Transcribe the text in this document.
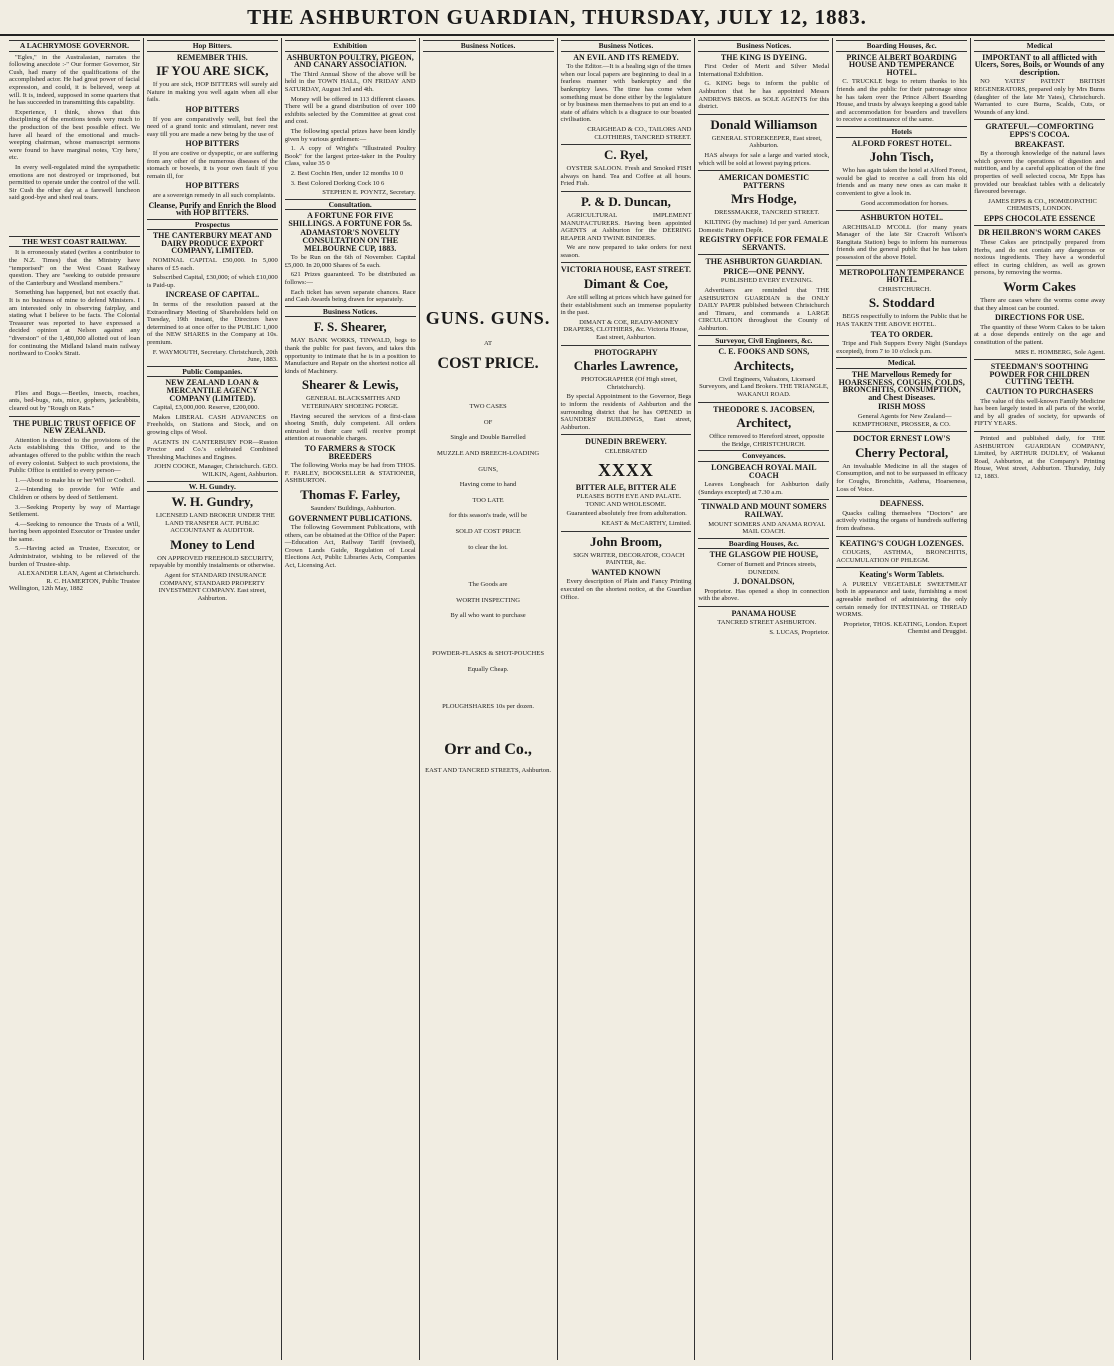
THE ASHBURTON GUARDIAN, THURSDAY, JULY 12, 1883.
A LACHRYMOSE GOVERNOR.

"Egles," in the Australasian, narrates the following anecdote :-" Our former Governor, Sir Cush, had many of the qualifications of the accomplished actor. He had great power of facial expression, and could, it is believed, weep at will. It is, indeed, supposed in some quarters that he has succeeded in transmitting this capability.

Experience, I think, shows that this disciplining of the emotions tends very much to the production of the best possible effect. We have all heard of the emotional and much-weeping chairman, whose manuscript sermons were found to have marginal notes, 'Cry here,' etc.

In every well-regulated mind the sympathetic emotions are not destroyed or imprisoned, but permitted to operate under the control of the will. Sir Cush the other day at a farewell luncheon said good-bye and shed real tears.

THE WEST COAST RAILWAY.

It is erroneously stated (writes a contributor to the N.Z. Times) that the Ministry have "temporised" on the West Coast Railway question. They are "seeking to outside pressure of the Canterbury and Westland members."

Something has happened, but not exactly that. It is no business of mine to defend Ministers. I am interested only in observing fairplay, and stating what I believe to be facts. The Colonial Treasurer was reported to have expressed a decided opinion at Nelson against any "diversion" of the 1,480,000 allotted out of loan for continuing the Midland Island main railway northward to Cook's Strait.

Flies and Bugs.—Beetles, insects, roaches, ants, bed-bugs, rats, mice, gophers, jackrabbits, cleared out by "Rough on Rats."

THE PUBLIC TRUST OFFICE OF NEW ZEALAND.

Attention is directed to the provisions of the Acts establishing this Office, and to the advantages offered to the public within the reach of every colonist. Subject to such provisions, the Public Office is entitled to every person—

1.—About to make his or her Will or Codicil.

2.—Intending to provide for Wife and Children or others by deed of Settlement.

3.—Seeking Property by way of Marriage Settlement.

4.—Seeking to renounce the Trusts of a Will, having been appointed Executor or Trustee under the same.

5.—Having acted as Trustee, Executor, or Administrator, wishing to be relieved of the burden of Trustee-ship.

ALEXANDER LEAN, Agent at Christchurch.
R. C. HAMERTON, Public Trustee
Wellington, 12th May, 1882
Hop Bitters.
REMEMBER THIS.
IF YOU ARE SICK,

If you are sick, HOP BITTERS will surely aid Nature in making you well again when all else fails.

HOP BITTERS

If you are comparatively well, but feel the need of a grand tonic and stimulant, never rest easy till you are made a new being by the use of

HOP BITTERS

If you are costive or dyspeptic, or are suffering from any other of the numerous diseases of the stomach or bowels, it is your own fault if you remain ill, for

HOP BITTERS

are a sovereign remedy in all such complaints.

Cleanse, Purify and Enrich the Blood with HOP BITTERS.
Prospectus
THE CANTERBURY MEAT AND DAIRY PRODUCE EXPORT COMPANY, LIMITED.

NOMINAL CAPITAL £50,000. In 5,000 shares of £5 each.

Subscribed Capital, £30,000; of which £10,000 is Paid-up.

INCREASE OF CAPITAL.

In terms of the resolution passed at the Extraordinary Meeting of Shareholders held on Tuesday, 19th instant, the Directors have determined to at once offer to the PUBLIC 1,000 of the NEW SHARES in the Company at 10s. premium.

F. WAYMOUTH, Secretary. Christchurch, 20th June, 1883.
Public Companies.
NEW ZEALAND LOAN & MERCANTILE AGENCY COMPANY (LIMITED).

Capital, £3,000,000. Reserve, £200,000.

Makes LIBERAL CASH ADVANCES on Freeholds, on Stations and Stock, and on growing clips of Wool.

AGENTS IN CANTERBURY FOR—Ruston Proctor and Co.'s celebrated Combined Threshing Machines and Engines.

JOHN COOKE, Manager, Christchurch. GEO. WILKIN, Agent, Ashburton.
W. H. Gundry.
W. H. Gundry,

LICENSED LAND BROKER UNDER THE LAND TRANSFER ACT. PUBLIC ACCOUNTANT & AUDITOR.

Money to Lend

ON APPROVED FREEHOLD SECURITY, repayable by monthly instalments or otherwise.

Agent for STANDARD INSURANCE COMPANY, STANDARD PROPERTY INVESTMENT COMPANY. East street, Ashburton.

Exhibition
ASHBURTON POULTRY, PIGEON, AND CANARY ASSOCIATION.

The Third Annual Show of the above will be held in the TOWN HALL, ON FRIDAY AND SATURDAY, August 3rd and 4th.

Money will be offered in 113 different classes. There will be a grand distribution of over 100 exhibits selected by the Committee at great cost and cost.

The following special prizes have been kindly given by various gentlemen:—

1. A copy of Wright's "Illustrated Poultry Book" for the largest prize-taker in the Poultry Class, value 35 0

2. Best Cochin Hen, under 12 months 10 0

3. Best Colored Dorking Cock 10 6

STEPHEN E. POYNTZ, Secretary.
Consultation.
A FORTUNE FOR FIVE SHILLINGS. A FORTUNE FOR 5s.
ADAMASTOR'S NOVELTY CONSULTATION ON THE MELBOURNE CUP, 1883.

To be Run on the 6th of November. Capital £5,000. In 20,000 Shares of 5s each.

621 Prizes guaranteed. To be distributed as follows:—

Each ticket has seven separate chances. Race and Cash Awards being drawn for separately.

Business Notices.
F. S. Shearer,

MAY BANK WORKS, TINWALD, begs to thank the public for past favors, and takes this opportunity to intimate that he is in a position to Manufacture and Repair on the shortest notice all kinds of Machinery.

Shearer & Lewis,

GENERAL BLACKSMITHS AND VETERINARY SHOEING FORGE.

Having secured the services of a first-class shoeing Smith, duly competent. All orders entrusted to their care will receive prompt attention at reasonable charges.

TO FARMERS & STOCK BREEDERS

The following Works may be had from THOS. F. FARLEY, BOOKSELLER & STATIONER, ASHBURTON.

Thomas F. Farley,

Saunders' Buildings, Ashburton.

GOVERNMENT PUBLICATIONS.

The following Government Publications, with others, can be obtained at the Office of the Paper:—Education Act, Railway Tariff (revised), Crown Lands Guide, Regulation of Local Elections Act, Public Libraries Acts, Companies Act, Licensing Act.

Business Notices.
GUNS. GUNS.
AT
COST PRICE.
TWO CASES
OF
Single and Double Barrelled
MUZZLE AND BREECH-LOADING
GUNS,
Having come to hand
TOO LATE
for this season's trade, will be
SOLD AT COST PRICE
to clear the lot.
The Goods are
WORTH INSPECTING
By all who want to purchase
POWDER-FLASKS & SHOT-POUCHES
Equally Cheap.
PLOUGHSHARES 10s per dozen.
Orr and Co.,
EAST AND TANCRED STREETS, Ashburton.
Business Notices.
AN EVIL AND ITS REMEDY.

To the Editor.—It is a healing sign of the times when our local papers are beginning to deal in a fearless manner with bankruptcy and the bankruptcy laws. The time has come when something must be done either by the legislature or by business men themselves to put an end to a state of affairs which is a disgrace to our boasted civilisation.

CRAIGHEAD & CO., TAILORS AND CLOTHIERS, TANCRED STREET.
C. Ryel,

OYSTER SALOON. Fresh and Smoked FISH always on hand. Tea and Coffee at all hours. Fried Fish.

P. & D. Duncan,

AGRICULTURAL IMPLEMENT MANUFACTURERS. Having been appointed AGENTS at Ashburton for the DEERING REAPER AND TWINE BINDERS.

We are now prepared to take orders for next season.

VICTORIA HOUSE, EAST STREET.
Dimant & Coe,

Are still selling at prices which have gained for their establishment such an immense popularity in the past.

DIMANT & COE, READY-MONEY DRAPERS, CLOTHIERS, &c. Victoria House, East street, Ashburton.

PHOTOGRAPHY
Charles Lawrence,

PHOTOGRAPHER (Of High street, Christchurch).

By special Appointment to the Governor, Begs to inform the residents of Ashburton and the surrounding district that he has OPENED in SAUNDERS' BUILDINGS, East street, Ashburton.

DUNEDIN BREWERY.
CELEBRATED
XXXX
BITTER ALE, BITTER ALE

PLEASES BOTH EYE AND PALATE. TONIC AND WHOLESOME.

Guaranteed absolutely free from adulteration.

KEAST & McCARTHY, Limited.
John Broom,

SIGN WRITER, DECORATOR, COACH PAINTER, &c.

WANTED KNOWN

Every description of Plain and Fancy Printing executed on the shortest notice, at the Guardian Office.

Business Notices.
THE KING IS DYEING.

First Order of Merit and Silver Medal International Exhibition.

G. KING begs to inform the public of Ashburton that he has appointed Messrs ANDREWS BROS. as SOLE AGENTS for this district.

Donald Williamson

GENERAL STOREKEEPER, East street, Ashburton.

HAS always for sale a large and varied stock, which will be sold at lowest paying prices.

AMERICAN DOMESTIC PATTERNS
Mrs Hodge,

DRESSMAKER, TANCRED STREET.

KILTING (by machine) 1d per yard. American Domestic Pattern Depôt.

REGISTRY OFFICE FOR FEMALE SERVANTS.
THE ASHBURTON GUARDIAN.
PRICE—ONE PENNY.

PUBLISHED EVERY EVENING.

Advertisers are reminded that THE ASHBURTON GUARDIAN is the ONLY DAILY PAPER published between Christchurch and Timaru, and commands a LARGE CIRCULATION throughout the County of Ashburton.

Surveyor, Civil Engineers, &c.
C. E. FOOKS AND SONS,
Architects,

Civil Engineers, Valuators, Licensed Surveyors, and Land Brokers. THE TRIANGLE, WAKANUI ROAD.

THEODORE S. JACOBSEN,
Architect,

Office removed to Hereford street, opposite the Bridge, CHRISTCHURCH.

Conveyances.
LONGBEACH ROYAL MAIL COACH

Leaves Longbeach for Ashburton daily (Sundays excepted) at 7.30 a.m.

TINWALD AND MOUNT SOMERS RAILWAY.

MOUNT SOMERS AND ANAMA ROYAL MAIL COACH.

Boarding Houses, &c.
THE GLASGOW PIE HOUSE,

Corner of Burnett and Princes streets, DUNEDIN.

J. DONALDSON,

Proprietor. Has opened a shop in connection with the above.

PANAMA HOUSE

TANCRED STREET ASHBURTON.

S. LUCAS, Proprietor.
Boarding Houses, &c.
PRINCE ALBERT BOARDING HOUSE AND TEMPERANCE HOTEL.

C. TRUCKLE begs to return thanks to his friends and the public for their patronage since he has taken over the Prince Albert Boarding House, and trusts by always keeping a good table and accommodation for boarders and travellers to receive a continuance of the same.

Hotels
ALFORD FOREST HOTEL.
John Tisch,

Who has again taken the hotel at Alford Forest, would be glad to receive a call from his old friends and as many new ones as can make it convenient to give a look in.

Good accommodation for horses.

ASHBURTON HOTEL.

ARCHIBALD M'COLL (for many years Manager of the late Sir Cracroft Wilson's Rangitata Station) begs to inform his numerous friends and the general public that he has taken possession of the above Hotel.

METROPOLITAN TEMPERANCE HOTEL.

CHRISTCHURCH.

S. Stoddard

BEGS respectfully to inform the Public that he HAS TAKEN THE ABOVE HOTEL.

TEA TO ORDER.

Tripe and Fish Suppers Every Night (Sundays excepted), from 7 to 10 o'clock p.m.

Medical.
THE Marvellous Remedy for HOARSENESS, COUGHS, COLDS, BRONCHITIS, CONSUMPTION, and Chest Diseases.
IRISH MOSS

General Agents for New Zealand—KEMPTHORNE, PROSSER, & CO.

DOCTOR ERNEST LOW'S
Cherry Pectoral,

An invaluable Medicine in all the stages of Consumption, and not to be surpassed in efficacy for Coughs, Bronchitis, Asthma, Hoarseness, Loss of Voice.

DEAFNESS.

Quacks calling themselves "Doctors" are actively visiting the organs of hundreds suffering from deafness.

KEATING'S COUGH LOZENGES.

COUGHS, ASTHMA, BRONCHITIS, ACCUMULATION OF PHLEGM.

Keating's Worm Tablets.

A PURELY VEGETABLE SWEETMEAT both in appearance and taste, furnishing a most agreeable method of administering the only certain remedy for INTESTINAL or THREAD WORMS.

Proprietor, THOS. KEATING, London. Export Chemist and Druggist.
Medical
IMPORTANT to all afflicted with Ulcers, Sores, Boils, or Wounds of any description.

NO YATES' PATENT BRITISH REGENERATORS, prepared only by Mrs Burns (daughter of the late Mr Yates), Christchurch. Warranted to cure Burns, Scalds, Cuts, or Wounds of any kind.

GRATEFUL—COMFORTING EPPS'S COCOA.
BREAKFAST.

By a thorough knowledge of the natural laws which govern the operations of digestion and nutrition, and by a careful application of the fine properties of well selected cocoa, Mr Epps has provided our breakfast tables with a delicately flavoured beverage.

JAMES EPPS & CO., HOMŒOPATHIC CHEMISTS, LONDON.

EPPS CHOCOLATE ESSENCE
DR HEILBRON'S WORM CAKES

These Cakes are principally prepared from Herbs, and do not contain any dangerous or noxious ingredients. They have a wonderful effect in curing children, as well as grown persons, by removing the worms.

Worm Cakes

There are cases where the worms come away that they almost can be counted.

DIRECTIONS FOR USE.

The quantity of these Worm Cakes to be taken at a dose depends entirely on the age and constitution of the patient.

MRS E. HOMBERG, Sole Agent.
STEEDMAN'S SOOTHING POWDER FOR CHILDREN CUTTING TEETH.
CAUTION TO PURCHASERS

The value of this well-known Family Medicine has been largely tested in all parts of the world, and by all grades of society, for upwards of FIFTY YEARS.

Printed and published daily, for THE ASHBURTON GUARDIAN COMPANY, Limited, by ARTHUR DUDLEY, of Wakanui Road, Ashburton, at the Company's Printing House, West street, Ashburton. Thursday, July 12, 1883.
